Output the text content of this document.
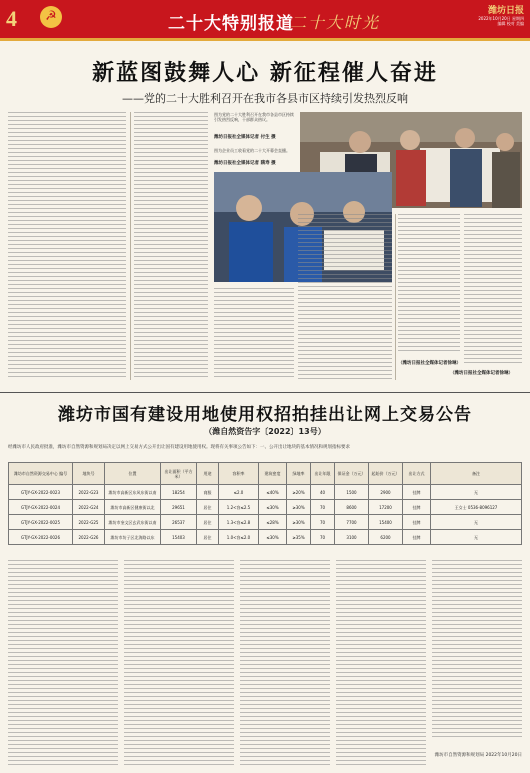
4	☭	二十大特别报道
二十大时光
潍坊日报
2022年10月20日 星期四
编辑 校对 美编
新蓝图鼓舞人心 新征程催人奋进
——党的二十大胜利召开在我市各县市区持续引发热烈反响
图为党的二十大胜利召开在我市各县市区持续引发热烈反响，干部群众热议。
潍坊日报社全媒体记者 付生 摄
图为企业员工收看党的二十大开幕会直播。
潍坊日报社全媒体记者 隋寿 摄
（潍坊日报社全媒体记者徐琳）
（潍坊日报社全媒体记者徐琳）
潍坊市国有建设用地使用权招拍挂出让网上交易公告
（潍自然资告字〔2022〕13号）
经潍坊市人民政府批准，潍坊市自然资源和规划局决定以网上交易方式公开出让国有建设用地使用权。现将有关事项公告如下：一、公开出让地块的基本情况和规划指标要求
潍坊市自然资源交易中心 编号	地块号	位置	出让面积（平方米）	用途	容积率	建筑密度	绿地率	出让年限	保证金（万元）	起始价（万元）	出让方式	备注
GTJY-GX-2022-0023	2022-G23	潍坊市高新区东风东街以南	18254	商服	≤2.0	≤40%	≥20%	40	1500	2900	挂牌	无
GTJY-GX-2022-0024	2022-G24	潍坊市高新区健康街以北	29651	居住	1.2<容≤2.5	≤30%	≥30%	70	8600	17200	挂牌	王女士 0536-8096127
GTJY-GX-2022-0025	2022-G25	潍坊市奎文区玄武东街以南	26537	居住	1.3<容≤2.8	≤28%	≥30%	70	7700	15400	挂牌	无
GTJY-GX-2022-0026	2022-G26	潍坊市坊子区北海路以东	15403	居住	1.0<容≤2.0	≤30%	≥35%	70	3100	6200	挂牌	无
潍坊市自然资源和规划局 2022年10月20日
